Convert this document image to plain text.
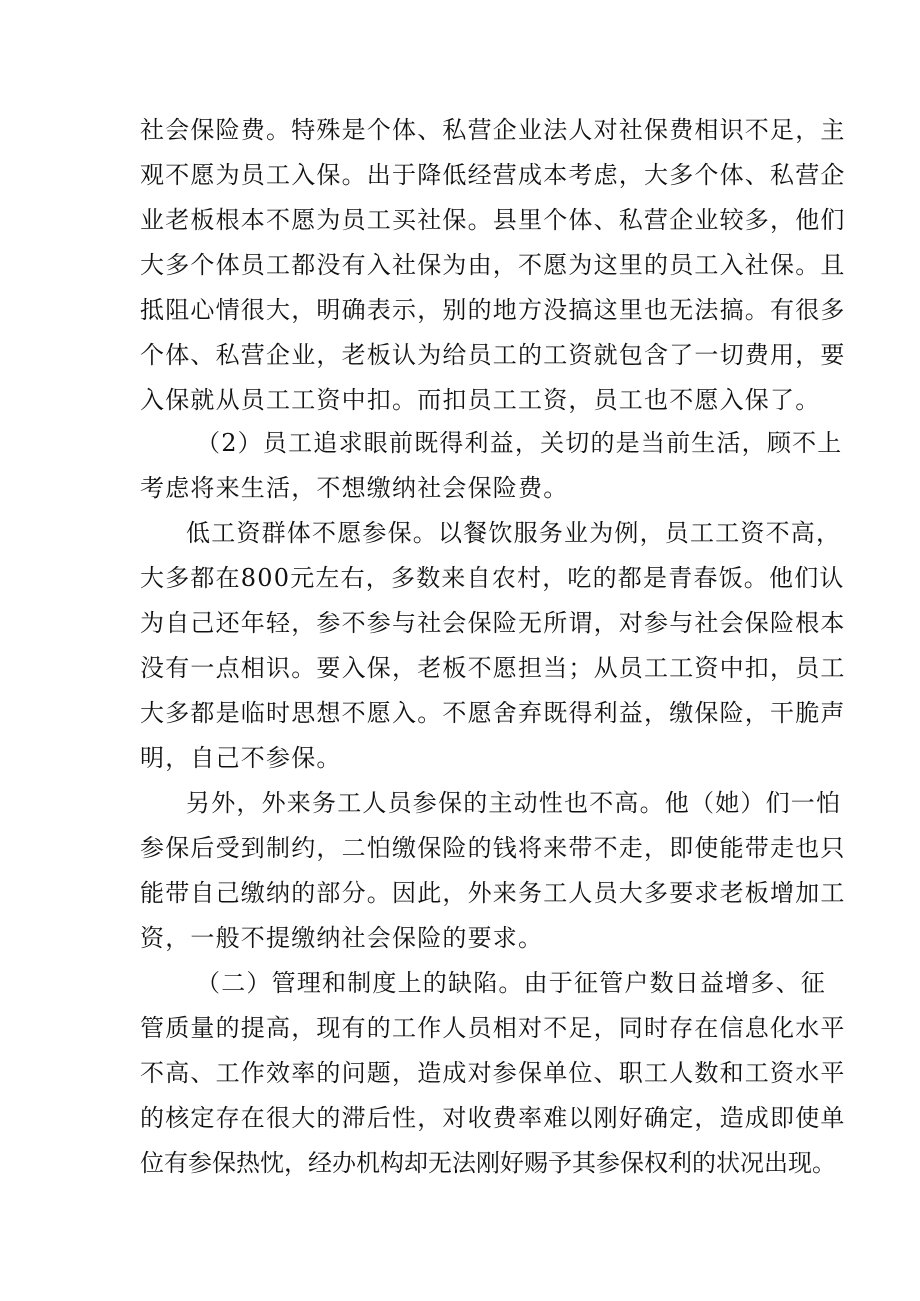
社会保险费。特殊是个体、私营企业法人对社保费相识不足，主
观不愿为员工入保。出于降低经营成本考虑，大多个体、私营企
业老板根本不愿为员工买社保。县里个体、私营企业较多，他们
大多个体员工都没有入社保为由，不愿为这里的员工入社保。且
抵阻心情很大，明确表示，别的地方没搞这里也无法搞。有很多
个体、私营企业，老板认为给员工的工资就包含了一切费用，要
入保就从员工工资中扣。而扣员工工资，员工也不愿入保了。
（2）员工追求眼前既得利益，关切的是当前生活，顾不上
考虑将来生活，不想缴纳社会保险费。
低工资群体不愿参保。以餐饮服务业为例，员工工资不高，
大多都在800元左右，多数来自农村，吃的都是青春饭。他们认
为自己还年轻，参不参与社会保险无所谓，对参与社会保险根本
没有一点相识。要入保，老板不愿担当；从员工工资中扣，员工
大多都是临时思想不愿入。不愿舍弃既得利益，缴保险，干脆声
明，自己不参保。
另外，外来务工人员参保的主动性也不高。他（她）们一怕
参保后受到制约，二怕缴保险的钱将来带不走，即使能带走也只
能带自己缴纳的部分。因此，外来务工人员大多要求老板增加工
资，一般不提缴纳社会保险的要求。
（二）管理和制度上的缺陷。由于征管户数日益增多、征
管质量的提高，现有的工作人员相对不足，同时存在信息化水平
不高、工作效率的问题，造成对参保单位、职工人数和工资水平
的核定存在很大的滞后性，对收费率难以刚好确定，造成即使单
位有参保热忱，经办机构却无法刚好赐予其参保权利的状况出现。
